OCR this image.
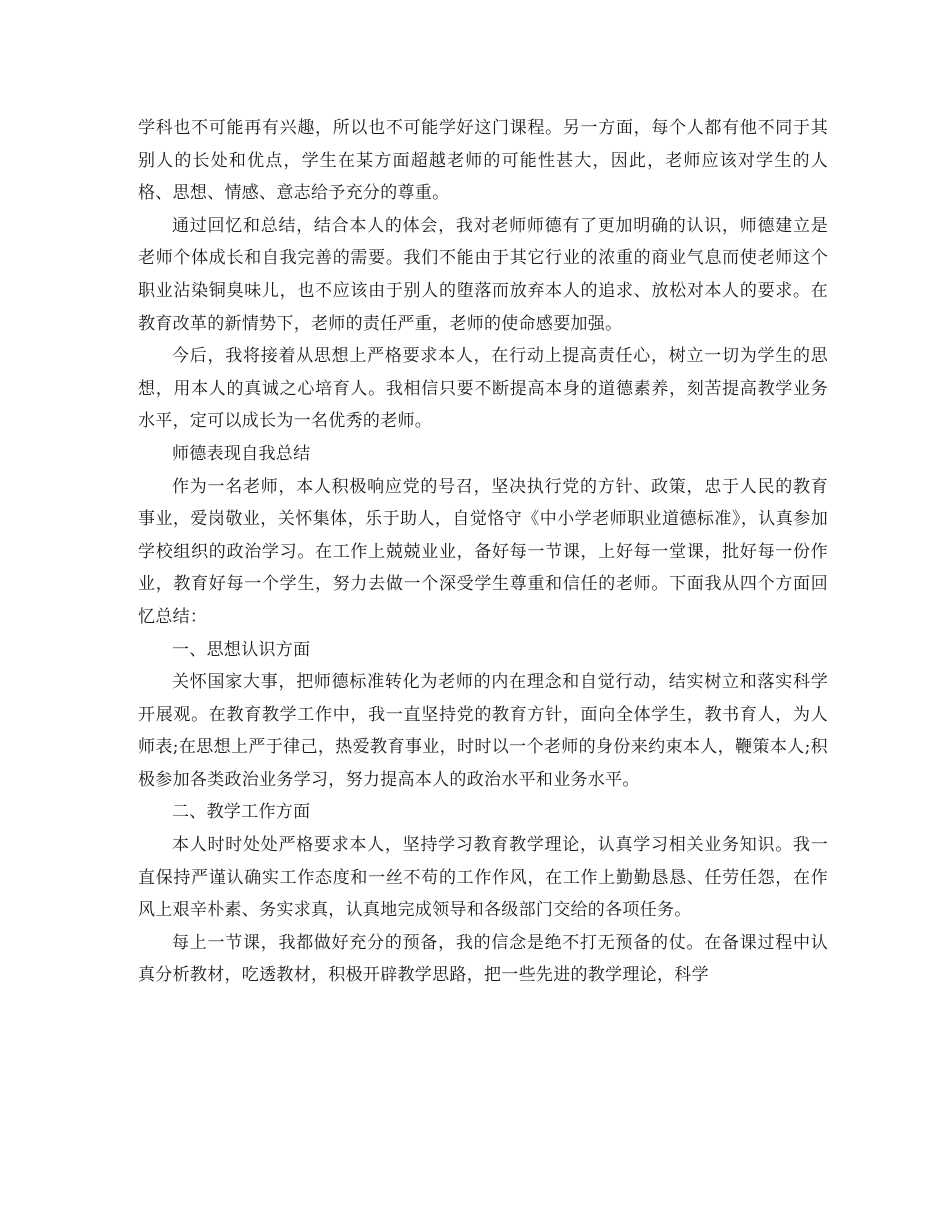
学科也不可能再有兴趣，所以也不可能学好这门课程。另一方面，每个人都有他不同于其别人的长处和优点，学生在某方面超越老师的可能性甚大，因此，老师应该对学生的人格、思想、情感、意志给予充分的尊重。

通过回忆和总结，结合本人的体会，我对老师师德有了更加明确的认识，师德建立是老师个体成长和自我完善的需要。我们不能由于其它行业的浓重的商业气息而使老师这个职业沾染铜臭味儿，也不应该由于别人的堕落而放弃本人的追求、放松对本人的要求。在教育改革的新情势下，老师的责任严重，老师的使命感要加强。

今后，我将接着从思想上严格要求本人，在行动上提高责任心，树立一切为学生的思想，用本人的真诚之心培育人。我相信只要不断提高本身的道德素养，刻苦提高教学业务水平，定可以成长为一名优秀的老师。

师德表现自我总结

作为一名老师，本人积极响应党的号召，坚决执行党的方针、政策，忠于人民的教育事业，爱岗敬业，关怀集体，乐于助人，自觉恪守《中小学老师职业道德标准》，认真参加学校组织的政治学习。在工作上兢兢业业，备好每一节课，上好每一堂课，批好每一份作业，教育好每一个学生，努力去做一个深受学生尊重和信任的老师。下面我从四个方面回忆总结：

一、思想认识方面

关怀国家大事，把师德标准转化为老师的内在理念和自觉行动，结实树立和落实科学开展观。在教育教学工作中，我一直坚持党的教育方针，面向全体学生，教书育人，为人师表;在思想上严于律己，热爱教育事业，时时以一个老师的身份来约束本人，鞭策本人;积极参加各类政治业务学习，努力提高本人的政治水平和业务水平。

二、教学工作方面

本人时时处处严格要求本人，坚持学习教育教学理论，认真学习相关业务知识。我一直保持严谨认确实工作态度和一丝不苟的工作作风，在工作上勤勤恳恳、任劳任怨，在作风上艰辛朴素、务实求真，认真地完成领导和各级部门交给的各项任务。

每上一节课，我都做好充分的预备，我的信念是绝不打无预备的仗。在备课过程中认真分析教材，吃透教材，积极开辟教学思路，把一些先进的教学理论，科学
